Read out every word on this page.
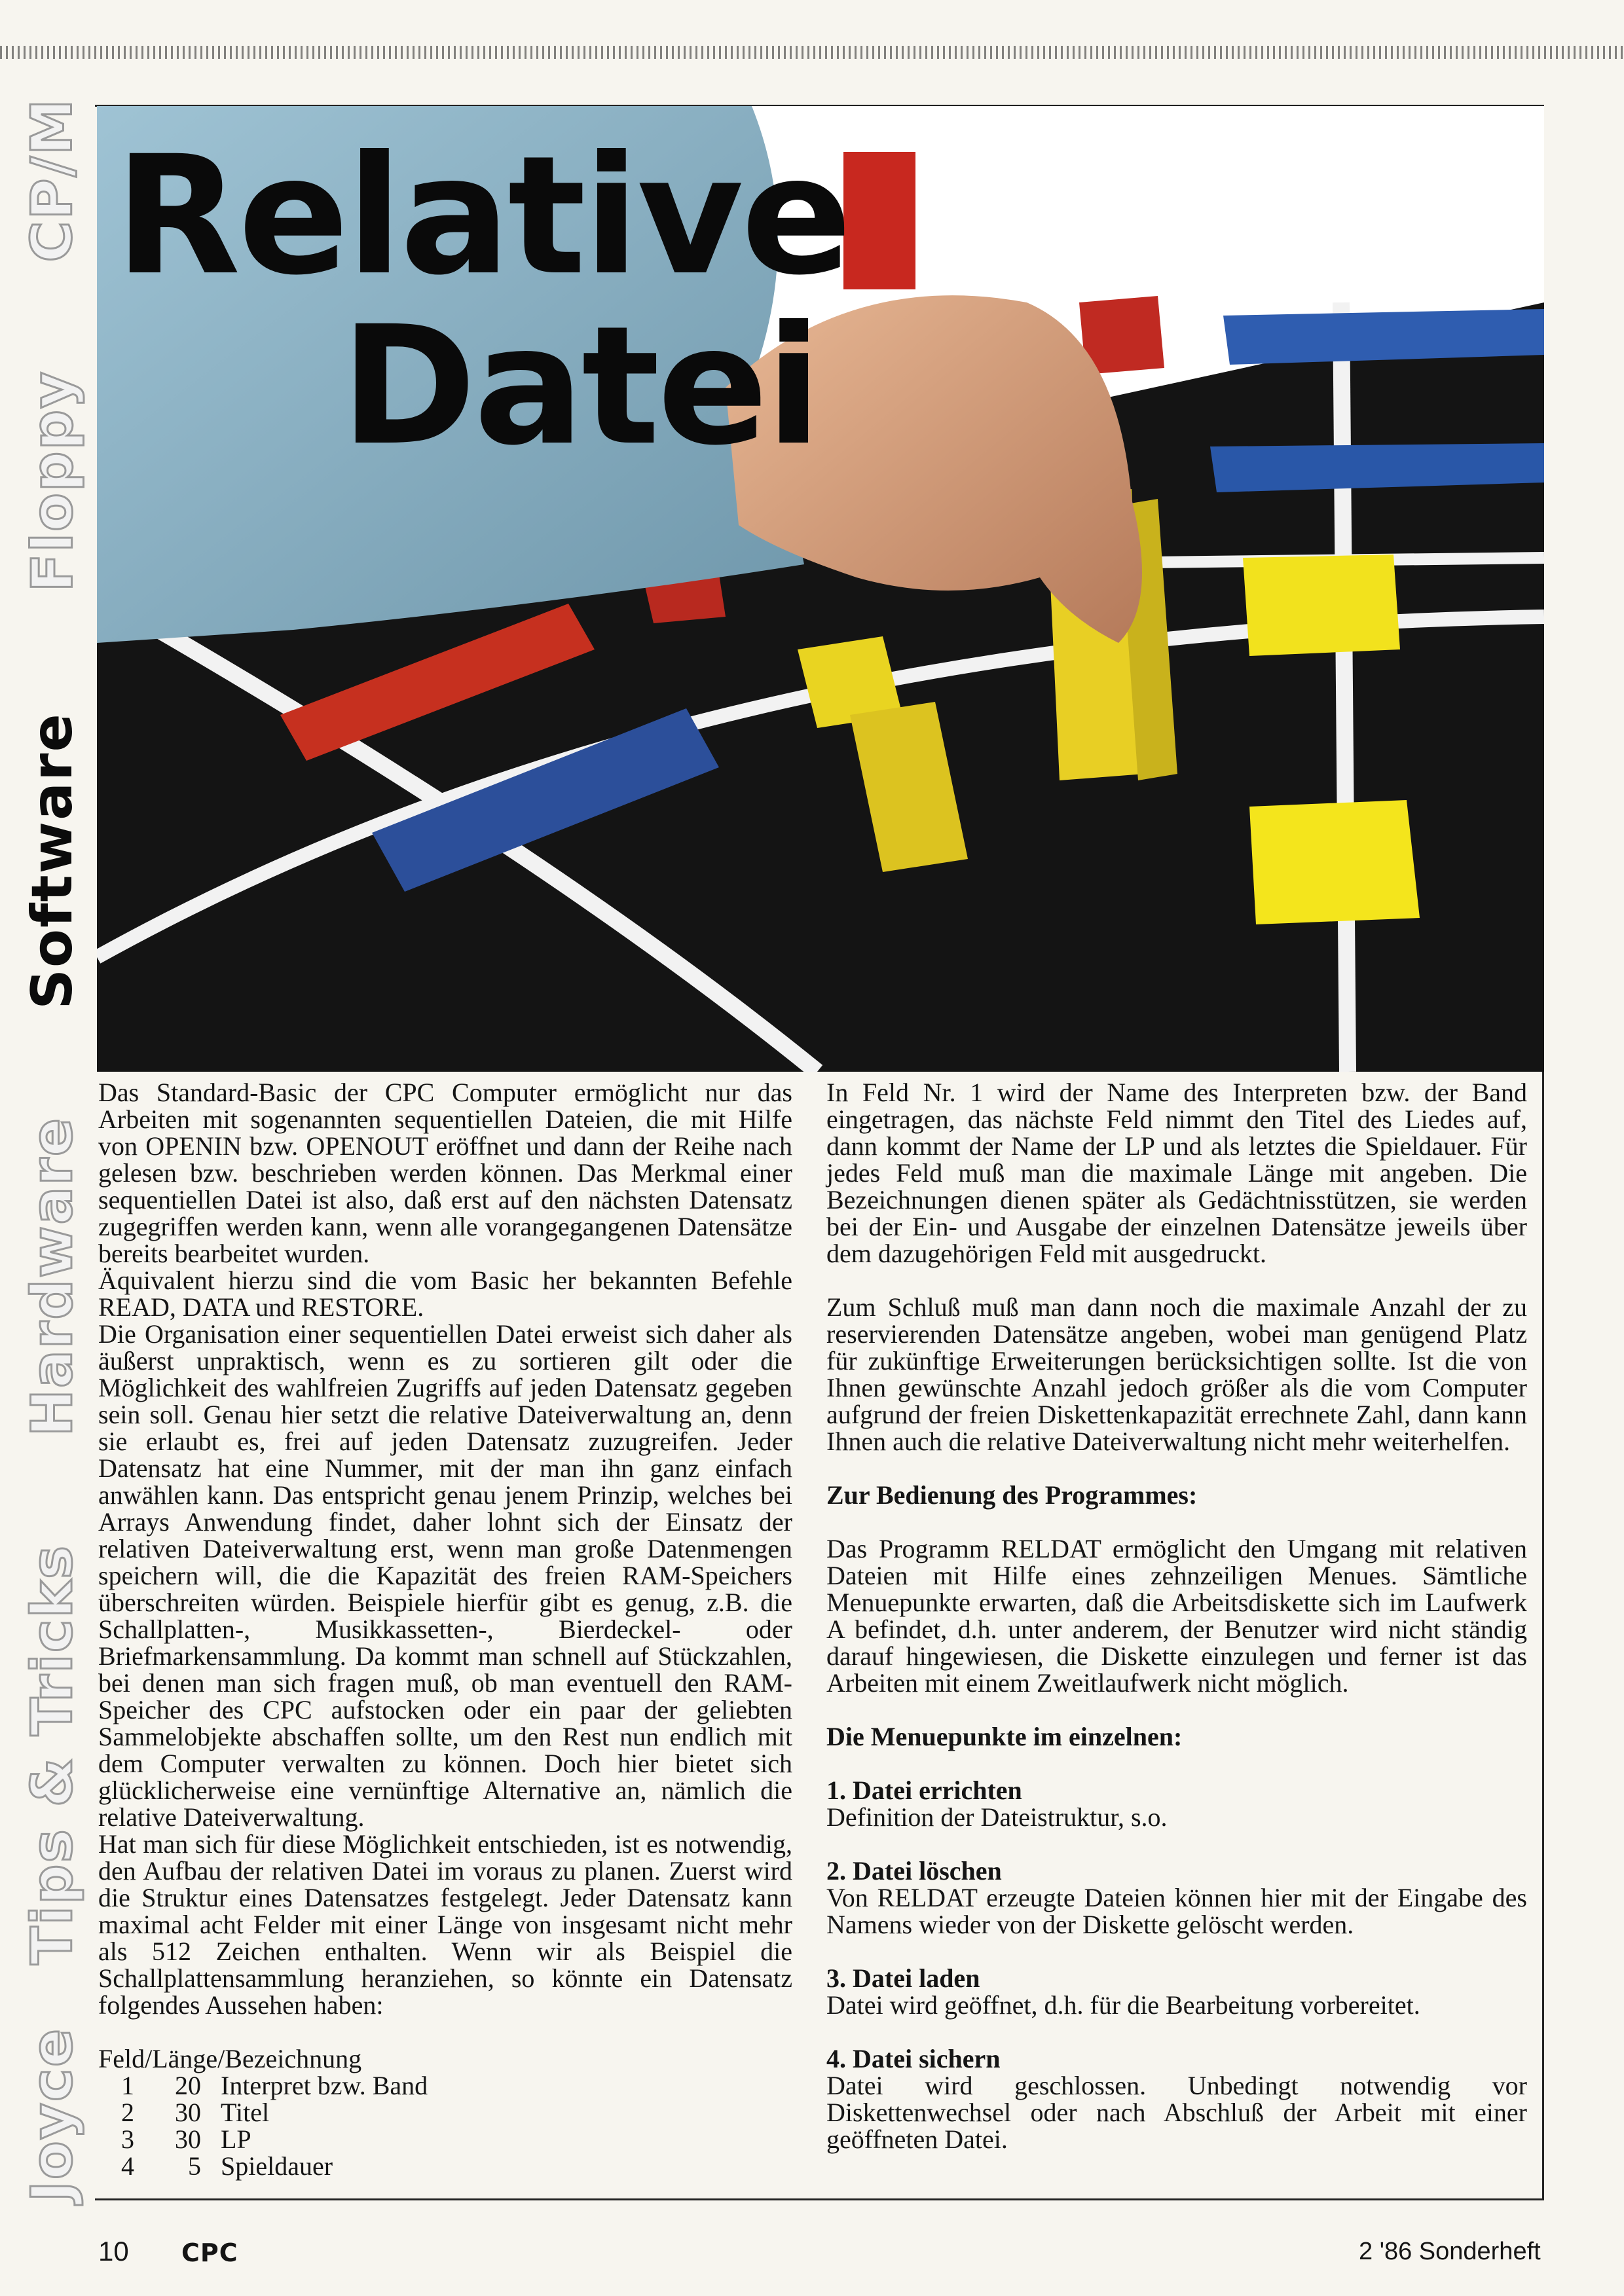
CP/M
Floppy
Software
Hardware
Tips & Tricks
Joyce
Relative
Datei

Das Standard-Basic der CPC Computer ermöglicht nur das Arbeiten mit sogenannten sequentiellen Dateien, die mit Hilfe von OPENIN bzw. OPENOUT eröffnet und dann der Reihe nach gelesen bzw. beschrieben werden können. Das Merkmal einer sequentiellen Datei ist also, daß erst auf den nächsten Datensatz zugegriffen werden kann, wenn alle vorangegangenen Datensätze bereits bearbeitet wurden.

Äquivalent hierzu sind die vom Basic her bekannten Befehle READ, DATA und RESTORE.

Die Organisation einer sequentiellen Datei erweist sich daher als äußerst unpraktisch, wenn es zu sortieren gilt oder die Möglichkeit des wahlfreien Zugriffs auf jeden Datensatz gegeben sein soll. Genau hier setzt die relative Dateiverwaltung an, denn sie erlaubt es, frei auf jeden Datensatz zuzugreifen. Jeder Datensatz hat eine Nummer, mit der man ihn ganz einfach anwählen kann. Das entspricht genau jenem Prinzip, welches bei Arrays Anwendung findet, daher lohnt sich der Einsatz der relativen Dateiverwaltung erst, wenn man große Datenmengen speichern will, die die Kapazität des freien RAM-Speichers überschreiten würden. Beispiele hierfür gibt es genug, z.B. die Schallplatten-, Musikkassetten-, Bierdeckel- oder Briefmarkensammlung. Da kommt man schnell auf Stückzahlen, bei denen man sich fragen muß, ob man eventuell den RAM-Speicher des CPC aufstocken oder ein paar der geliebten Sammelobjekte abschaffen sollte, um den Rest nun endlich mit dem Computer verwalten zu können. Doch hier bietet sich glücklicherweise eine vernünftige Alternative an, nämlich die relative Dateiverwaltung.

Hat man sich für diese Möglichkeit entschieden, ist es notwendig, den Aufbau der relativen Datei im voraus zu planen. Zuerst wird die Struktur eines Datensatzes festgelegt. Jeder Datensatz kann maximal acht Felder mit einer Länge von insgesamt nicht mehr als 512 Zeichen enthalten. Wenn wir als Beispiel die Schallplattensammlung heranziehen, so könnte ein Datensatz folgendes Aussehen haben:

Feld/Länge/Bezeichnung		
1	20	Interpret bzw. Band
2	30	Titel
3	30	LP
4	5	Spieldauer

In Feld Nr. 1 wird der Name des Interpreten bzw. der Band eingetragen, das nächste Feld nimmt den Titel des Liedes auf, dann kommt der Name der LP und als letztes die Spieldauer. Für jedes Feld muß man die maximale Länge mit angeben. Die Bezeichnungen dienen später als Gedächtnisstützen, sie werden bei der Ein- und Ausgabe der einzelnen Datensätze jeweils über dem dazugehörigen Feld mit ausgedruckt.

Zum Schluß muß man dann noch die maximale Anzahl der zu reservierenden Datensätze angeben, wobei man genügend Platz für zukünftige Erweiterungen berücksichtigen sollte. Ist die von Ihnen gewünschte Anzahl jedoch größer als die vom Computer aufgrund der freien Diskettenkapazität errechnete Zahl, dann kann Ihnen auch die relative Dateiverwaltung nicht mehr weiterhelfen.

Zur Bedienung des Programmes:

Das Programm RELDAT ermöglicht den Umgang mit relativen Dateien mit Hilfe eines zehnzeiligen Menues. Sämtliche Menuepunkte erwarten, daß die Arbeitsdiskette sich im Laufwerk A befindet, d.h. unter anderem, der Benutzer wird nicht ständig darauf hingewiesen, die Diskette einzulegen und ferner ist das Arbeiten mit einem Zweitlaufwerk nicht möglich.

Die Menuepunkte im einzelnen:

1. Datei errichten

Definition der Dateistruktur, s.o.

2. Datei löschen

Von RELDAT erzeugte Dateien können hier mit der Eingabe des Namens wieder von der Diskette gelöscht werden.

3. Datei laden

Datei wird geöffnet, d.h. für die Bearbeitung vorbereitet.

4. Datei sichern

Datei wird geschlossen. Unbedingt notwendig vor Diskettenwechsel oder nach Abschluß der Arbeit mit einer geöffneten Datei.

10 CPC	2 '86 Sonderheft
